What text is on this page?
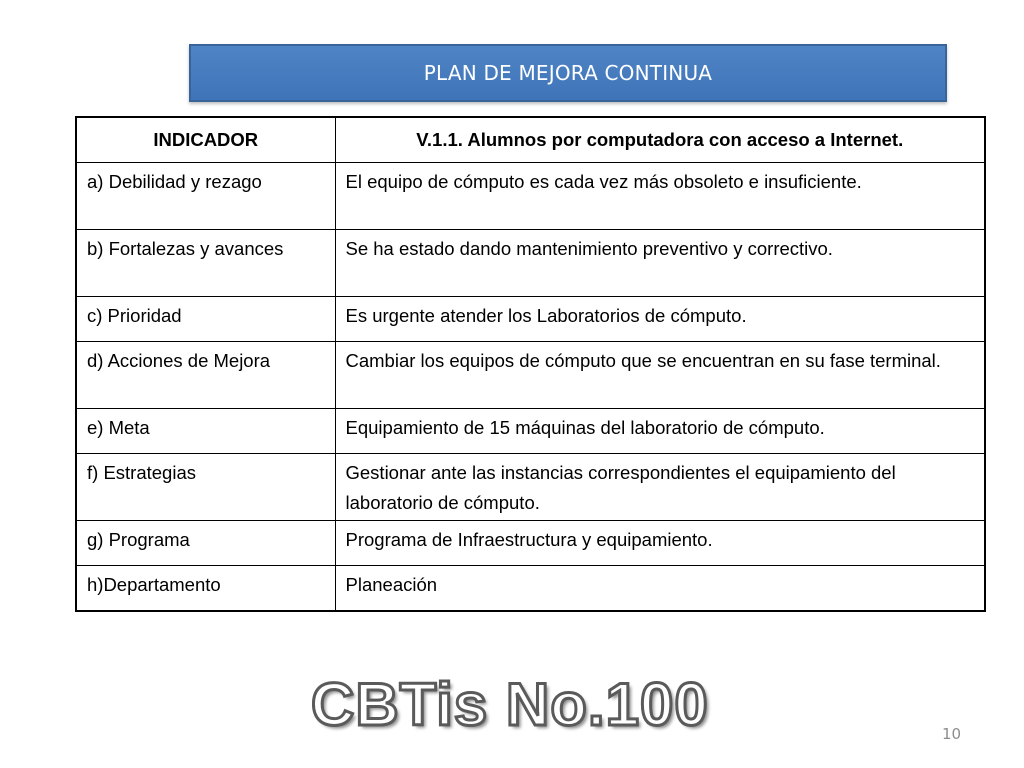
PLAN DE MEJORA CONTINUA
INDICADOR	V.1.1. Alumnos por computadora con acceso a Internet.
a) Debilidad y rezago	El equipo de cómputo es cada vez más obsoleto e insuficiente.
b) Fortalezas y avances	Se ha estado dando mantenimiento preventivo y correctivo.
c) Prioridad	Es urgente atender los Laboratorios de cómputo.
d) Acciones de Mejora	Cambiar los equipos de cómputo que se encuentran en su fase terminal.
e) Meta	Equipamiento de 15 máquinas del laboratorio de cómputo.
f) Estrategias	Gestionar ante las instancias correspondientes el equipamiento del laboratorio de cómputo.
g) Programa	Programa de Infraestructura y equipamiento.
h)Departamento	Planeación
CBTis No.100	10
